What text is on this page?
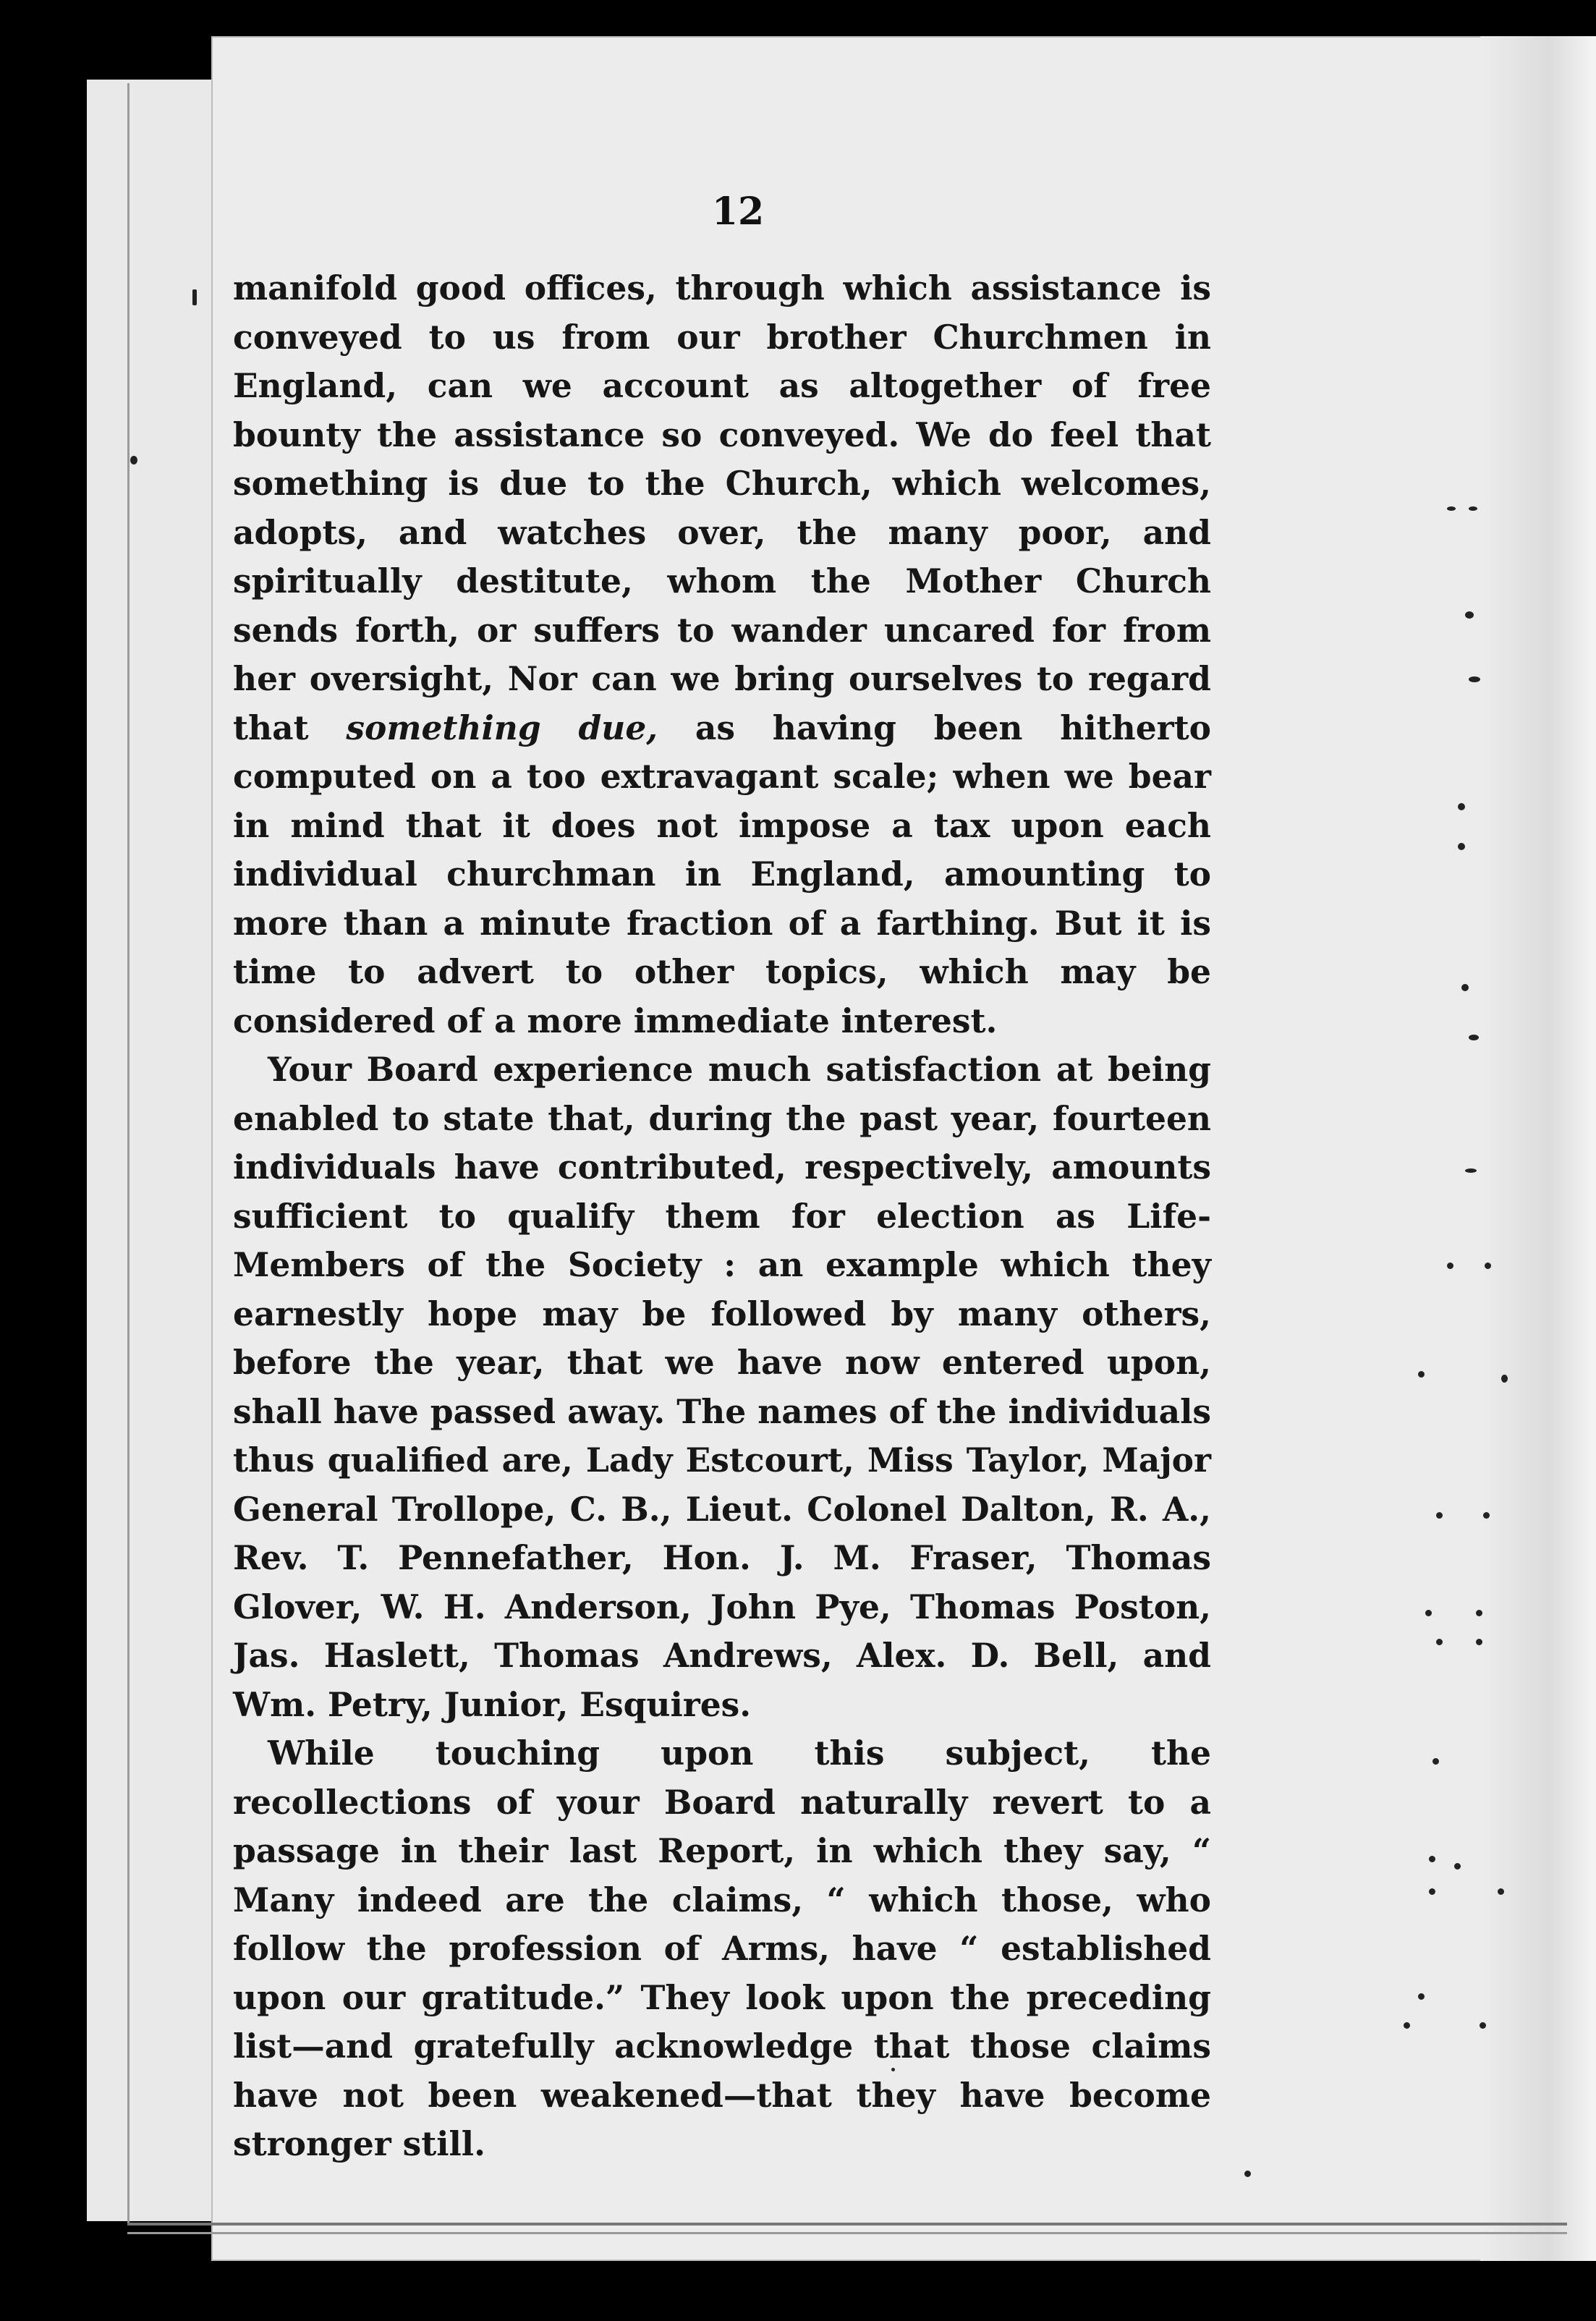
12

manifold good offices, through which assistance is conveyed to us from our brother Churchmen in England, can we account as altogether of free bounty the assistance so conveyed. We do feel that something is due to the Church, which welcomes, adopts, and watches over, the many poor, and spiritually destitute, whom the Mother Church sends forth, or suffers to wander uncared for from her oversight, Nor can we bring ourselves to regard that something due, as having been hitherto computed on a too extravagant scale; when we bear in mind that it does not impose a tax upon each individual churchman in England, amounting to more than a minute fraction of a farthing. But it is time to advert to other topics, which may be considered of a more immediate interest.

Your Board experience much satisfaction at being enabled to state that, during the past year, fourteen individuals have contributed, respectively, amounts sufficient to qualify them for election as Life-Members of the Society : an example which they earnestly hope may be followed by many others, before the year, that we have now entered upon, shall have passed away. The names of the individuals thus qualified are, Lady Estcourt, Miss Taylor, Major General Trollope, C. B., Lieut. Colonel Dalton, R. A., Rev. T. Pennefather, Hon. J. M. Fraser, Thomas Glover, W. H. Anderson, John Pye, Thomas Poston, Jas. Haslett, Thomas Andrews, Alex. D. Bell, and Wm. Petry, Junior, Esquires.

While touching upon this subject, the recollections of your Board naturally revert to a passage in their last Report, in which they say, “ Many indeed are the claims, “ which those, who follow the profession of Arms, have “ established upon our gratitude.” They look upon the preceding list—and gratefully acknowledge that those claims have not been weakened—that they have become stronger still.
